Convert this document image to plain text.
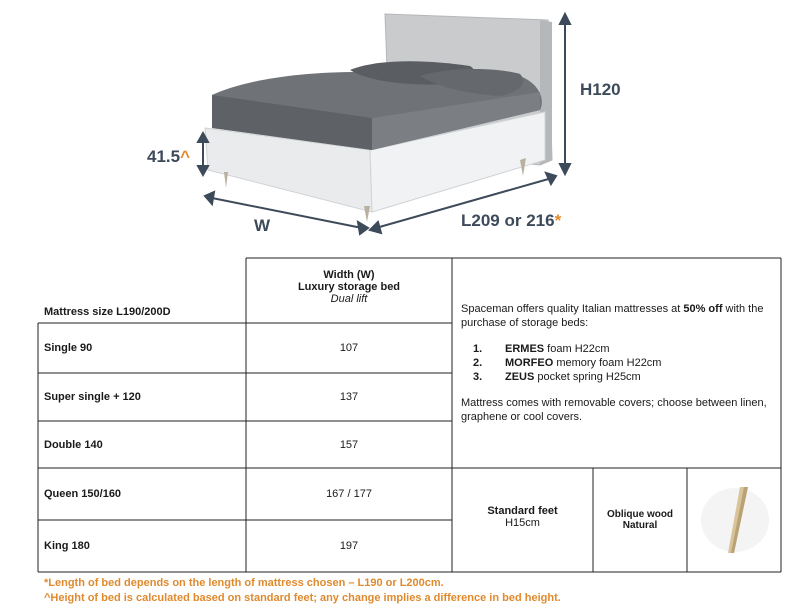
H120
41.5^
W	L209 or 216*
Mattress size L190/200D
Width (W)
Luxury storage bed
Dual lift
Single 90	107
Super single + 120	137
Double 140	157
Queen 150/160	167 / 177
King 180	197

Spaceman offers quality Italian mattresses at 50% off with the purchase of storage beds:

1.	ERMES foam H22cm
2.	MORFEO memory foam H22cm
3.	ZEUS pocket spring H25cm

Mattress comes with removable covers; choose between linen, graphene or cool covers.

Standard feet
H15cm
Oblique wood
Natural
*Length of bed depends on the length of mattress chosen – L190 or L200cm.
^Height of bed is calculated based on standard feet; any change implies a difference in bed height.
